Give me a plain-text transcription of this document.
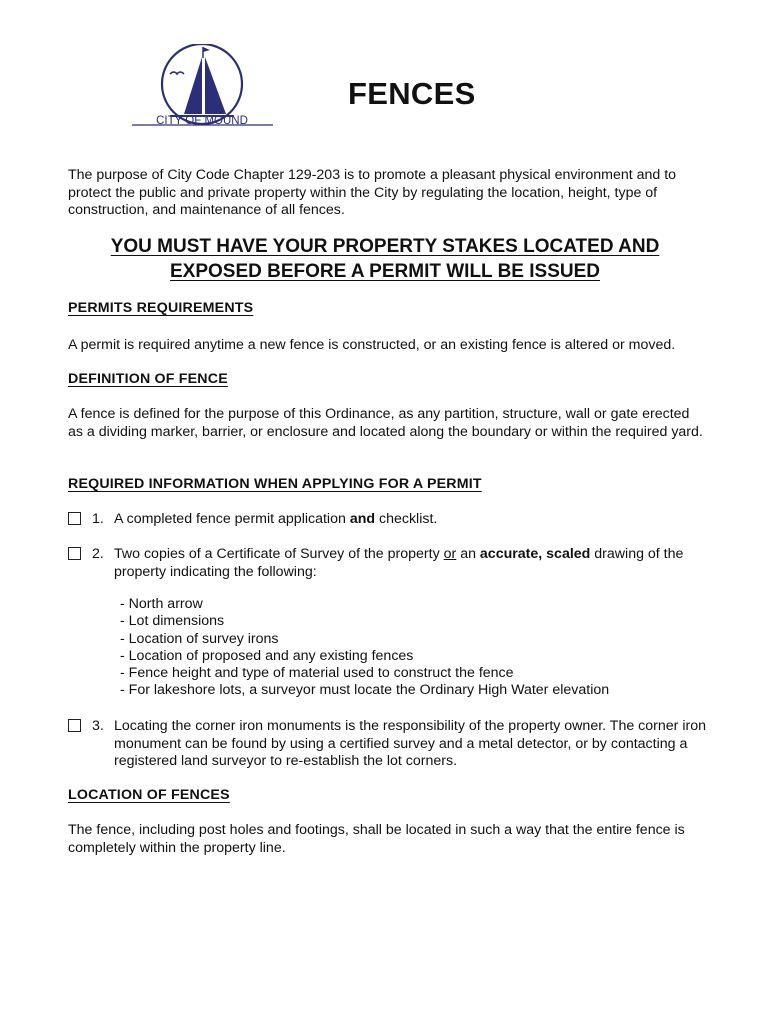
CITY OF MOUND
FENCES

The purpose of City Code Chapter 129-203 is to promote a pleasant physical environment and to protect the public and private property within the City by regulating the location, height, type of construction, and maintenance of all fences.

YOU MUST HAVE YOUR PROPERTY STAKES LOCATED AND
EXPOSED BEFORE A PERMIT WILL BE ISSUED
PERMITS REQUIREMENTS

A permit is required anytime a new fence is constructed, or an existing fence is altered or moved.

DEFINITION OF FENCE

A fence is defined for the purpose of this Ordinance, as any partition, structure, wall or gate erected as a dividing marker, barrier, or enclosure and located along the boundary or within the required yard.

REQUIRED INFORMATION WHEN APPLYING FOR A PERMIT
1. A completed fence permit application and checklist.
2. Two copies of a Certificate of Survey of the property or an accurate, scaled drawing of the property indicating the following:
- North arrow
- Lot dimensions
- Location of survey irons
- Location of proposed and any existing fences
- Fence height and type of material used to construct the fence
- For lakeshore lots, a surveyor must locate the Ordinary High Water elevation
3. Locating the corner iron monuments is the responsibility of the property owner. The corner iron monument can be found by using a certified survey and a metal detector, or by contacting a registered land surveyor to re-establish the lot corners.
LOCATION OF FENCES

The fence, including post holes and footings, shall be located in such a way that the entire fence is completely within the property line.
